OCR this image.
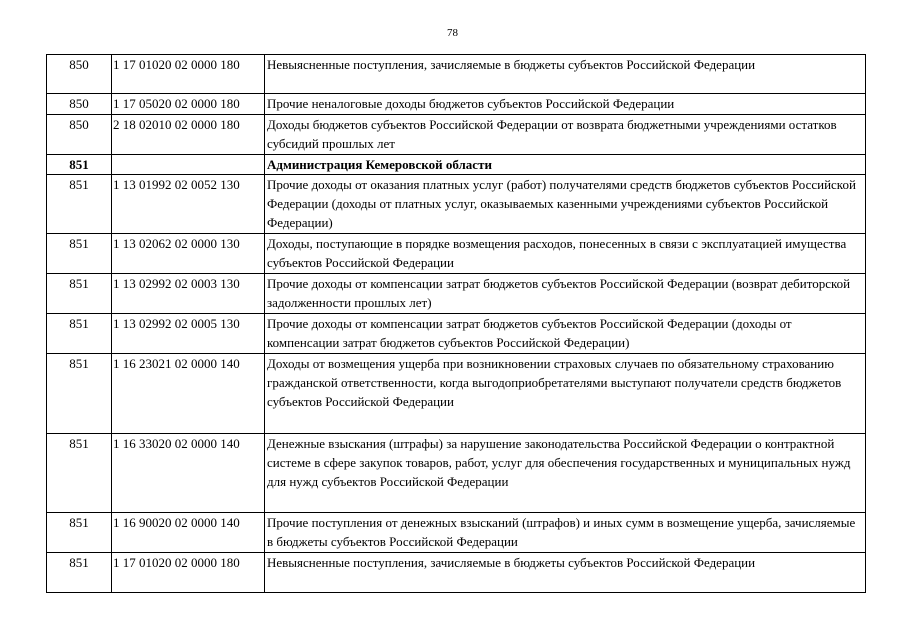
78
850	1 17 01020 02 0000 180	Невыясненные поступления, зачисляемые в бюджеты субъектов Российской Федерации
850	1 17 05020 02 0000 180	Прочие неналоговые доходы бюджетов субъектов Российской Федерации
850	2 18 02010 02 0000 180	Доходы бюджетов субъектов Российской Федерации от возврата бюджетными учреждениями остатков субсидий прошлых лет
851		Администрация Кемеровской области
851	1 13 01992 02 0052 130	Прочие доходы от оказания платных услуг (работ) получателями средств бюджетов субъектов Российской Федерации (доходы от платных услуг, оказываемых казенными учреждениями субъектов Российской Федерации)
851	1 13 02062 02 0000 130	Доходы, поступающие в порядке возмещения расходов, понесенных в связи с эксплуатацией имущества субъектов Российской Федерации
851	1 13 02992 02 0003 130	Прочие доходы от компенсации затрат бюджетов субъектов Российской Федерации (возврат дебиторской задолженности прошлых лет)
851	1 13 02992 02 0005 130	Прочие доходы от компенсации затрат бюджетов субъектов Российской Федерации (доходы от компенсации затрат бюджетов субъектов Российской Федерации)
851	1 16 23021 02 0000 140	Доходы от возмещения ущерба при возникновении страховых случаев по обязательному страхованию гражданской ответственности, когда выгодоприобретателями выступают получатели средств бюджетов субъектов Российской Федерации
851	1 16 33020 02 0000 140	Денежные взыскания (штрафы) за нарушение законодательства Российской Федерации о контрактной системе в сфере закупок товаров, работ, услуг для обеспечения государственных и муниципальных нужд для нужд субъектов Российской Федерации
851	1 16 90020 02 0000 140	Прочие поступления от денежных взысканий (штрафов) и иных сумм в возмещение ущерба, зачисляемые в бюджеты субъектов Российской Федерации
851	1 17 01020 02 0000 180	Невыясненные поступления, зачисляемые в бюджеты субъектов Российской Федерации
